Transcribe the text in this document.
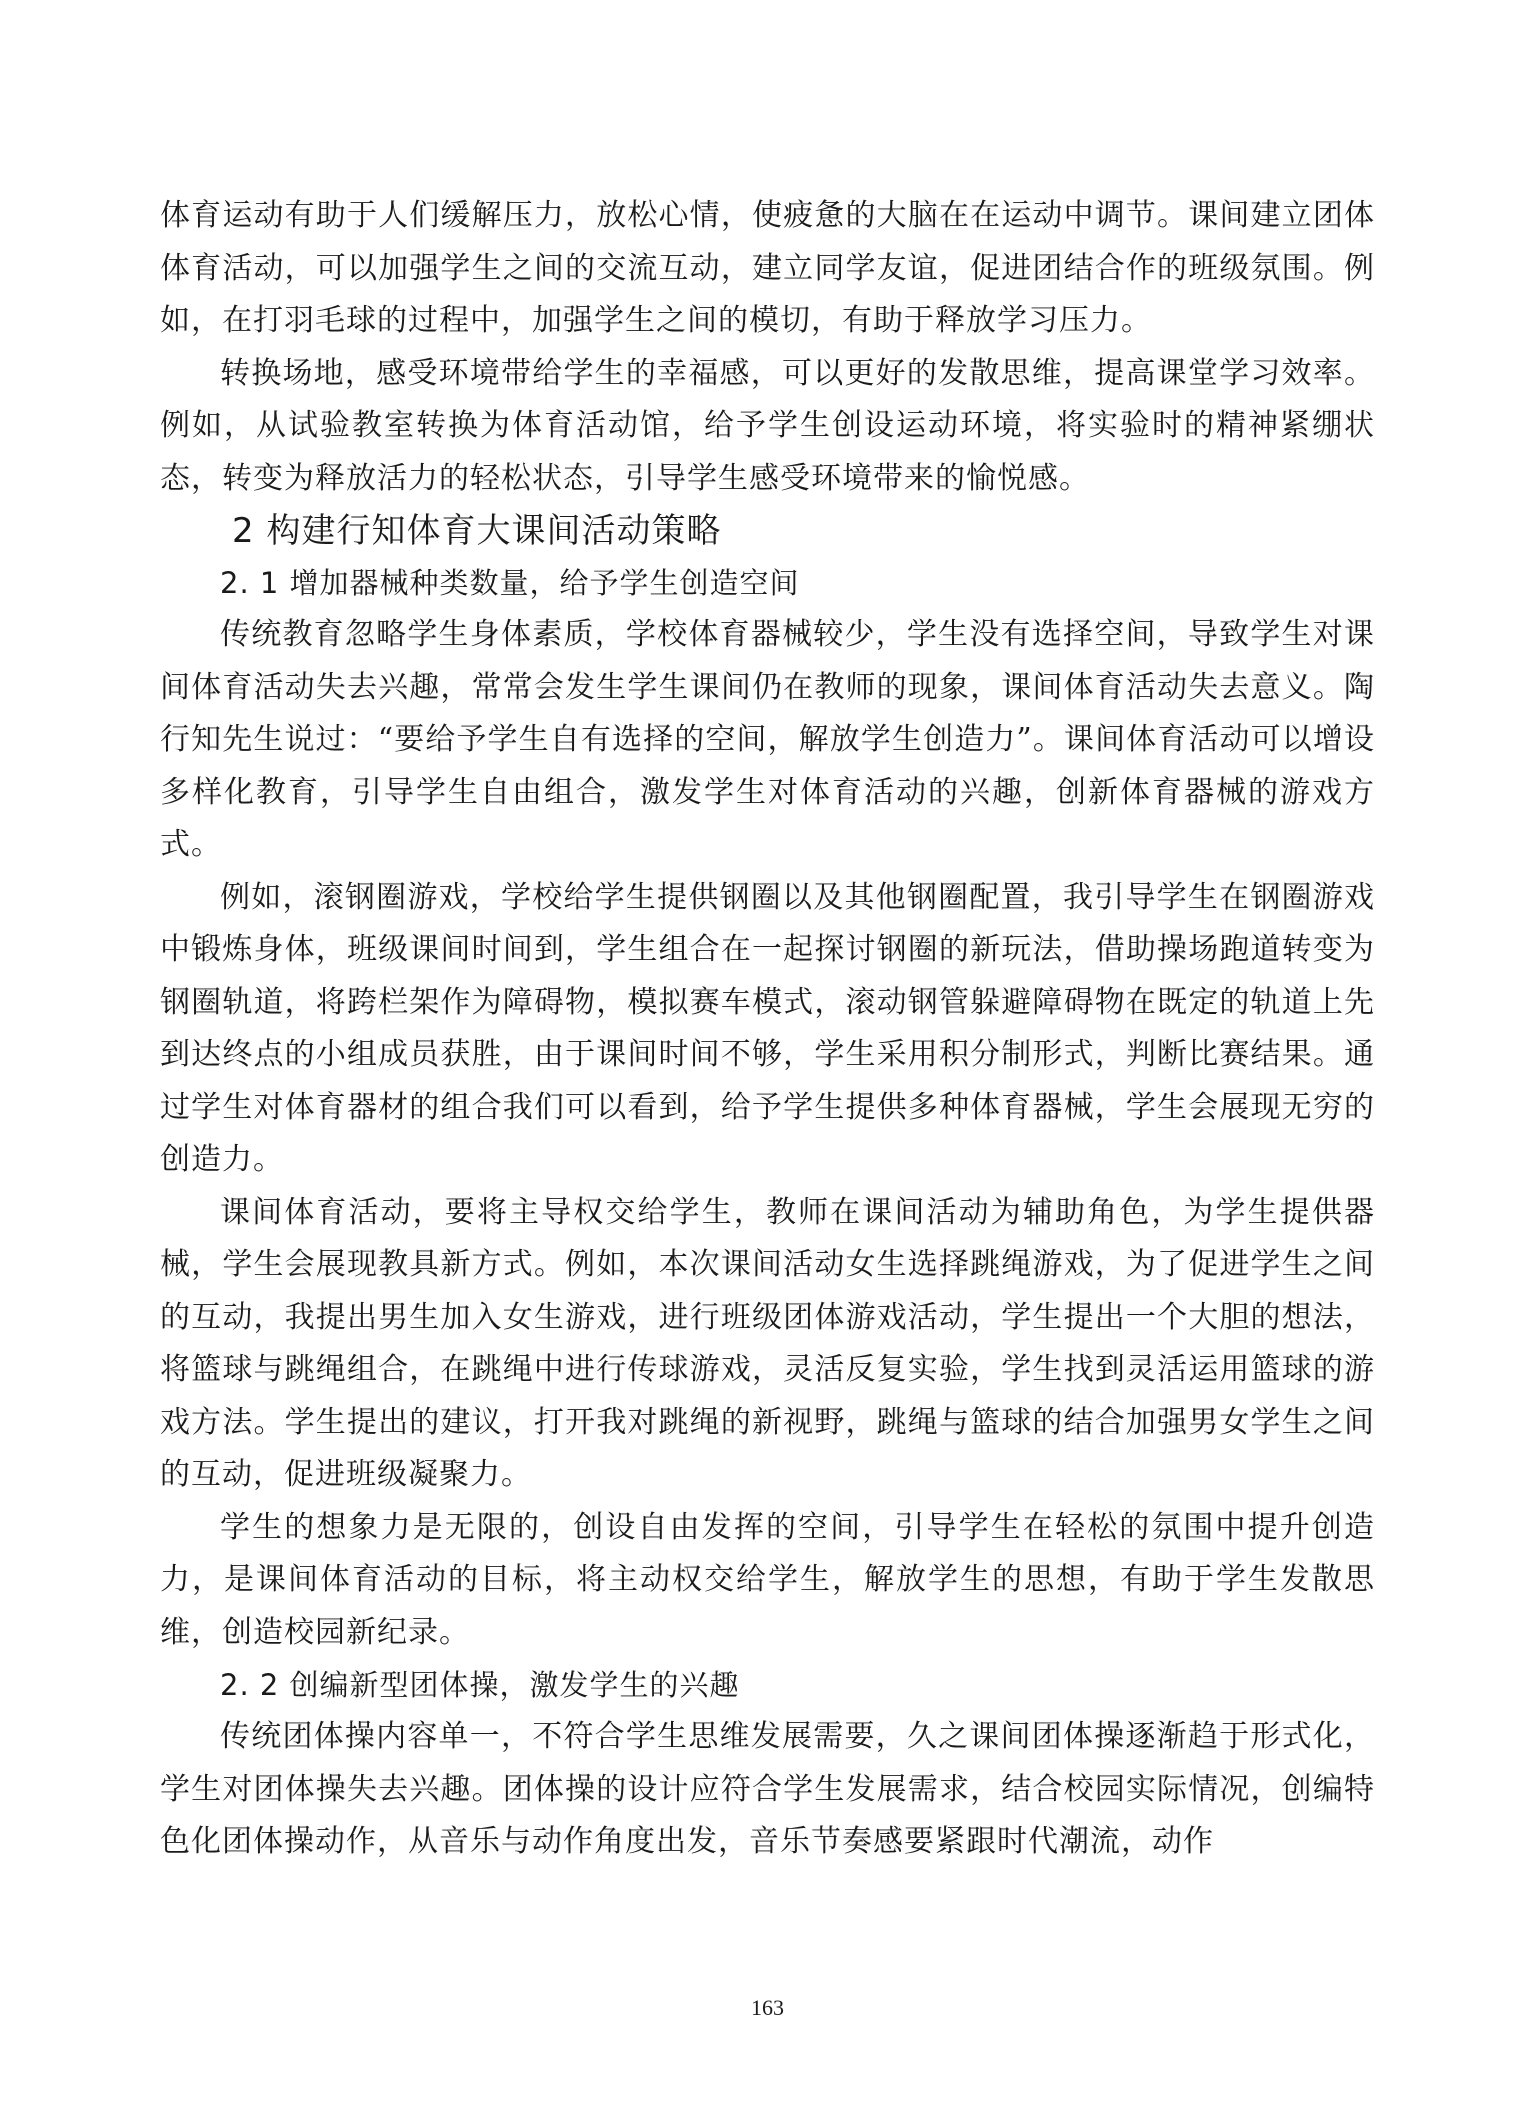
体育运动有助于人们缓解压力，放松心情，使疲惫的大脑在在运动中调节。课间建立团体体育活动，可以加强学生之间的交流互动，建立同学友谊，促进团结合作的班级氛围。例如，在打羽毛球的过程中，加强学生之间的模切，有助于释放学习压力。

转换场地，感受环境带给学生的幸福感，可以更好的发散思维，提高课堂学习效率。例如，从试验教室转换为体育活动馆，给予学生创设运动环境，将实验时的精神紧绷状态，转变为释放活力的轻松状态，引导学生感受环境带来的愉悦感。

2 构建行知体育大课间活动策略
2. 1 增加器械种类数量，给予学生创造空间

传统教育忽略学生身体素质，学校体育器械较少，学生没有选择空间，导致学生对课间体育活动失去兴趣，常常会发生学生课间仍在教师的现象，课间体育活动失去意义。陶行知先生说过：“要给予学生自有选择的空间，解放学生创造力”。课间体育活动可以增设多样化教育，引导学生自由组合，激发学生对体育活动的兴趣，创新体育器械的游戏方式。

例如，滚钢圈游戏，学校给学生提供钢圈以及其他钢圈配置，我引导学生在钢圈游戏中锻炼身体，班级课间时间到，学生组合在一起探讨钢圈的新玩法，借助操场跑道转变为钢圈轨道，将跨栏架作为障碍物，模拟赛车模式，滚动钢管躲避障碍物在既定的轨道上先到达终点的小组成员获胜，由于课间时间不够，学生采用积分制形式，判断比赛结果。通过学生对体育器材的组合我们可以看到，给予学生提供多种体育器械，学生会展现无穷的创造力。

课间体育活动，要将主导权交给学生，教师在课间活动为辅助角色，为学生提供器械，学生会展现教具新方式。例如，本次课间活动女生选择跳绳游戏，为了促进学生之间的互动，我提出男生加入女生游戏，进行班级团体游戏活动，学生提出一个大胆的想法，将篮球与跳绳组合，在跳绳中进行传球游戏，灵活反复实验，学生找到灵活运用篮球的游戏方法。学生提出的建议，打开我对跳绳的新视野，跳绳与篮球的结合加强男女学生之间的互动，促进班级凝聚力。

学生的想象力是无限的，创设自由发挥的空间，引导学生在轻松的氛围中提升创造力，是课间体育活动的目标，将主动权交给学生，解放学生的思想，有助于学生发散思维，创造校园新纪录。

2. 2 创编新型团体操，激发学生的兴趣

传统团体操内容单一，不符合学生思维发展需要，久之课间团体操逐渐趋于形式化，学生对团体操失去兴趣。团体操的设计应符合学生发展需求，结合校园实际情况，创编特色化团体操动作，从音乐与动作角度出发，音乐节奏感要紧跟时代潮流，动作

163
